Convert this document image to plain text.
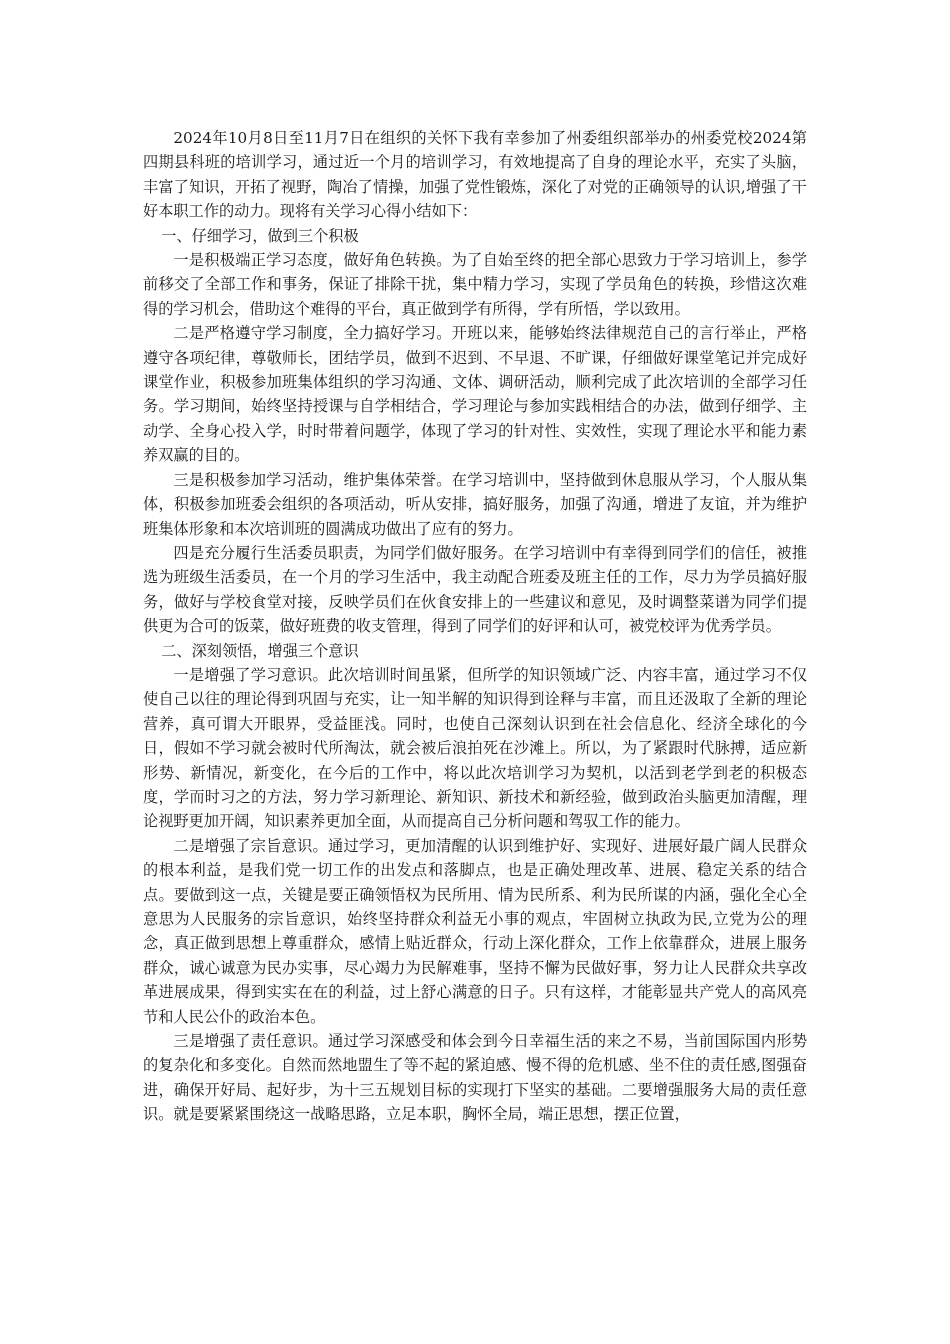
2024年10月8日至11月7日在组织的关怀下我有幸参加了州委组织部举办的州委党校2024第四期县科班的培训学习，通过近一个月的培训学习，有效地提高了自身的理论水平，充实了头脑，丰富了知识，开拓了视野，陶冶了情操，加强了党性锻炼，深化了对党的正确领导的认识,增强了干好本职工作的动力。现将有关学习心得小结如下：

一、仔细学习，做到三个积极

一是积极端正学习态度，做好角色转换。为了自始至终的把全部心思致力于学习培训上，参学前移交了全部工作和事务，保证了排除干扰，集中精力学习，实现了学员角色的转换，珍惜这次难得的学习机会，借助这个难得的平台，真正做到学有所得，学有所悟，学以致用。

二是严格遵守学习制度，全力搞好学习。开班以来，能够始终法律规范自己的言行举止，严格遵守各项纪律，尊敬师长，团结学员，做到不迟到、不早退、不旷课，仔细做好课堂笔记并完成好课堂作业，积极参加班集体组织的学习沟通、文体、调研活动，顺利完成了此次培训的全部学习任务。学习期间，始终坚持授课与自学相结合，学习理论与参加实践相结合的办法，做到仔细学、主动学、全身心投入学，时时带着问题学，体现了学习的针对性、实效性，实现了理论水平和能力素养双赢的目的。

三是积极参加学习活动，维护集体荣誉。在学习培训中，坚持做到休息服从学习，个人服从集体，积极参加班委会组织的各项活动，听从安排，搞好服务，加强了沟通，增进了友谊，并为维护班集体形象和本次培训班的圆满成功做出了应有的努力。

四是充分履行生活委员职责，为同学们做好服务。在学习培训中有幸得到同学们的信任，被推选为班级生活委员，在一个月的学习生活中，我主动配合班委及班主任的工作，尽力为学员搞好服务，做好与学校食堂对接，反映学员们在伙食安排上的一些建议和意见，及时调整菜谱为同学们提供更为合可的饭菜，做好班费的收支管理，得到了同学们的好评和认可，被党校评为优秀学员。

二、深刻领悟，增强三个意识

一是增强了学习意识。此次培训时间虽紧，但所学的知识领域广泛、内容丰富，通过学习不仅使自己以往的理论得到巩固与充实，让一知半解的知识得到诠释与丰富，而且还汲取了全新的理论营养，真可谓大开眼界，受益匪浅。同时，也使自己深刻认识到在社会信息化、经济全球化的今日，假如不学习就会被时代所淘汰，就会被后浪拍死在沙滩上。所以，为了紧跟时代脉搏，适应新形势、新情况，新变化，在今后的工作中，将以此次培训学习为契机，以活到老学到老的积极态度，学而时习之的方法，努力学习新理论、新知识、新技术和新经验，做到政治头脑更加清醒，理论视野更加开阔，知识素养更加全面，从而提高自己分析问题和驾驭工作的能力。

二是增强了宗旨意识。通过学习，更加清醒的认识到维护好、实现好、进展好最广阔人民群众的根本利益，是我们党一切工作的出发点和落脚点，也是正确处理改革、进展、稳定关系的结合点。要做到这一点，关键是要正确领悟权为民所用、情为民所系、利为民所谋的内涵，强化全心全意思为人民服务的宗旨意识，始终坚持群众利益无小事的观点，牢固树立执政为民,立党为公的理念，真正做到思想上尊重群众，感情上贴近群众，行动上深化群众，工作上依靠群众，进展上服务群众，诚心诚意为民办实事，尽心竭力为民解难事，坚持不懈为民做好事，努力让人民群众共享改革进展成果，得到实实在在的利益，过上舒心满意的日子。只有这样，才能彰显共产党人的高风亮节和人民公仆的政治本色。

三是增强了责任意识。通过学习深感受和体会到今日幸福生活的来之不易，当前国际国内形势的复杂化和多变化。自然而然地盟生了等不起的紧迫感、慢不得的危机感、坐不住的责任感,图强奋进，确保开好局、起好步，为十三五规划目标的实现打下坚实的基础。二要增强服务大局的责任意识。就是要紧紧围绕这一战略思路，立足本职，胸怀全局，端正思想，摆正位置，
